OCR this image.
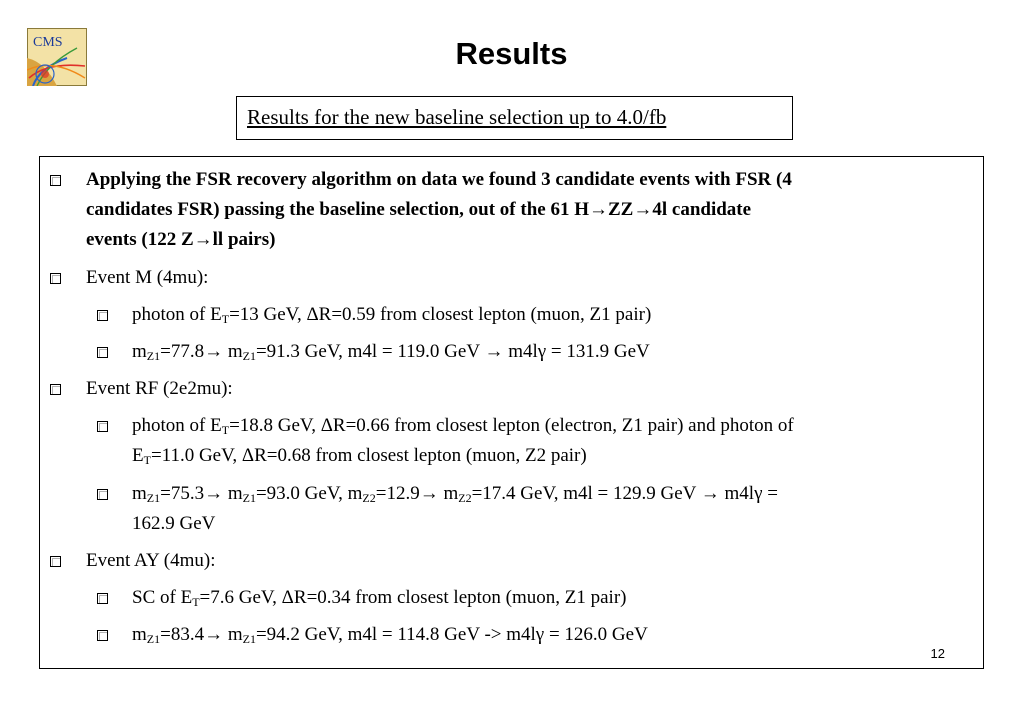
CMS	Results
Results for the new baseline selection up to 4.0/fb
Applying the FSR recovery algorithm on data we found 3 candidate events with FSR (4
candidates FSR) passing the baseline selection, out of the 61 H→ZZ→4l candidate
events (122 Z→ll pairs)
Event M (4mu):
photon of $E_T=13$ GeV, ΔR=0.59 from closest lepton (muon, Z1 pair)
$m_{Z1}=77.8\to m_{Z1}=91.3$ GeV, m4l = 119.0 GeV → m4lγ = 131.9 GeV
Event RF (2e2mu):
photon of $E_T=18.8$ GeV, ΔR=0.66 from closest lepton (electron, Z1 pair) and photon of
$E_T=11.0$ GeV, ΔR=0.68 from closest lepton (muon, Z2 pair)
$m_{Z1}=75.3\to m_{Z1}=93.0$ GeV, $m_{Z2}=12.9\to m_{Z2}=17.4$ GeV, m4l = 129.9 GeV → m4lγ =
162.9 GeV
Event AY (4mu):
SC of $E_T=7.6$ GeV, ΔR=0.34 from closest lepton (muon, Z1 pair)
$m_{Z1}=83.4\to m_{Z1}=94.2$ GeV, m4l = 114.8 GeV -> m4lγ = 126.0 GeV
12
